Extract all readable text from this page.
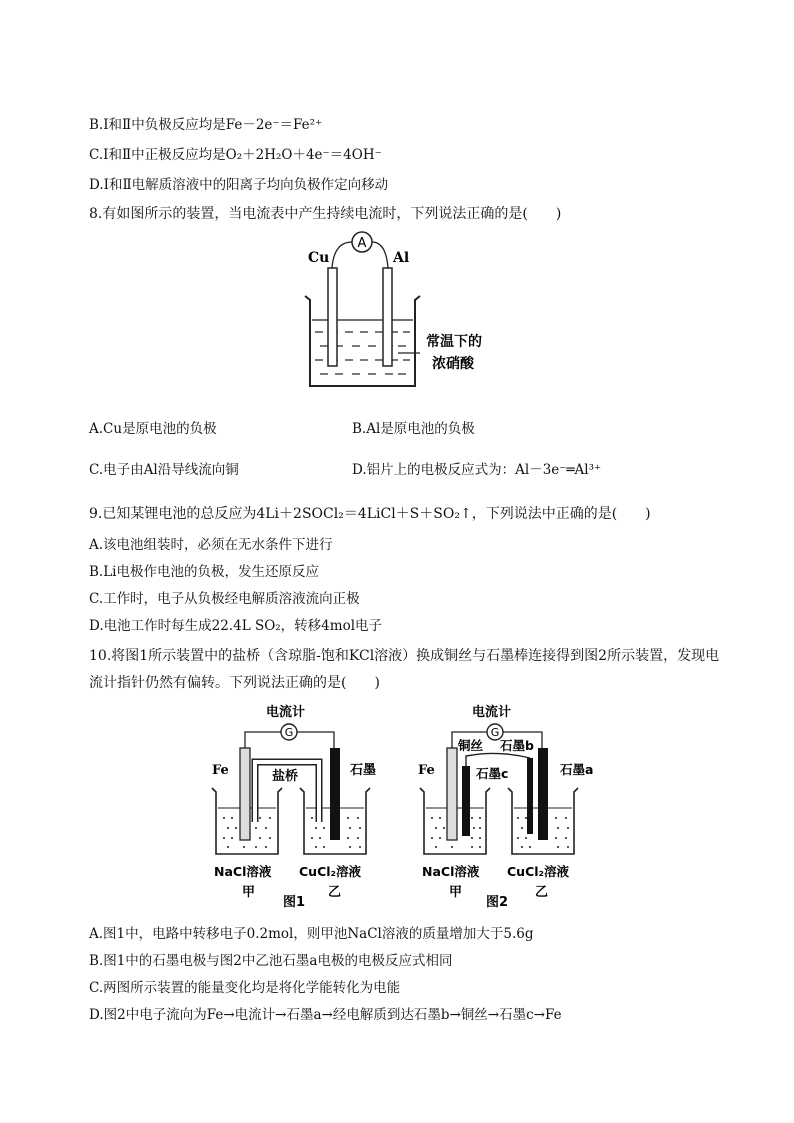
B.Ⅰ和Ⅱ中负极反应均是Fe－2e⁻＝Fe²⁺
C.Ⅰ和Ⅱ中正极反应均是O₂＋2H₂O＋4e⁻＝4OH⁻
D.Ⅰ和Ⅱ电解质溶液中的阳离子均向负极作定向移动
8.有如图所示的装置，当电流表中产生持续电流时，下列说法正确的是(　　)
A
Cu	Al
常温下的
浓硝酸
A.Cu是原电池的负极	B.Al是原电池的负极
C.电子由Al沿导线流向铜	D.铝片上的电极反应式为：Al－3e⁻═Al³⁺
9.已知某锂电池的总反应为4Li＋2SOCl₂＝4LiCl＋S＋SO₂↑，下列说法中正确的是(　　)
A.该电池组装时，必须在无水条件下进行
B.Li电极作电池的负极，发生还原反应
C.工作时，电子从负极经电解质溶液流向正极
D.电池工作时每生成22.4L SO₂，转移4mol电子
10.将图1所示装置中的盐桥（含琼脂-饱和KCl溶液）换成铜丝与石墨棒连接得到图2所示装置，发现电
流计指针仍然有偏转。下列说法正确的是(　　)
电流计
G
Fe	盐桥	石墨
NaCl溶液 CuCl₂溶液
甲	乙
图1
电流计
G
Fe
铜丝 石墨b
石墨c	石墨a
NaCl溶液 CuCl₂溶液
甲	乙
图2
A.图1中，电路中转移电子0.2mol，则甲池NaCl溶液的质量增加大于5.6g
B.图1中的石墨电极与图2中乙池石墨a电极的电极反应式相同
C.两图所示装置的能量变化均是将化学能转化为电能
D.图2中电子流向为Fe→电流计→石墨a→经电解质到达石墨b→铜丝→石墨c→Fe
